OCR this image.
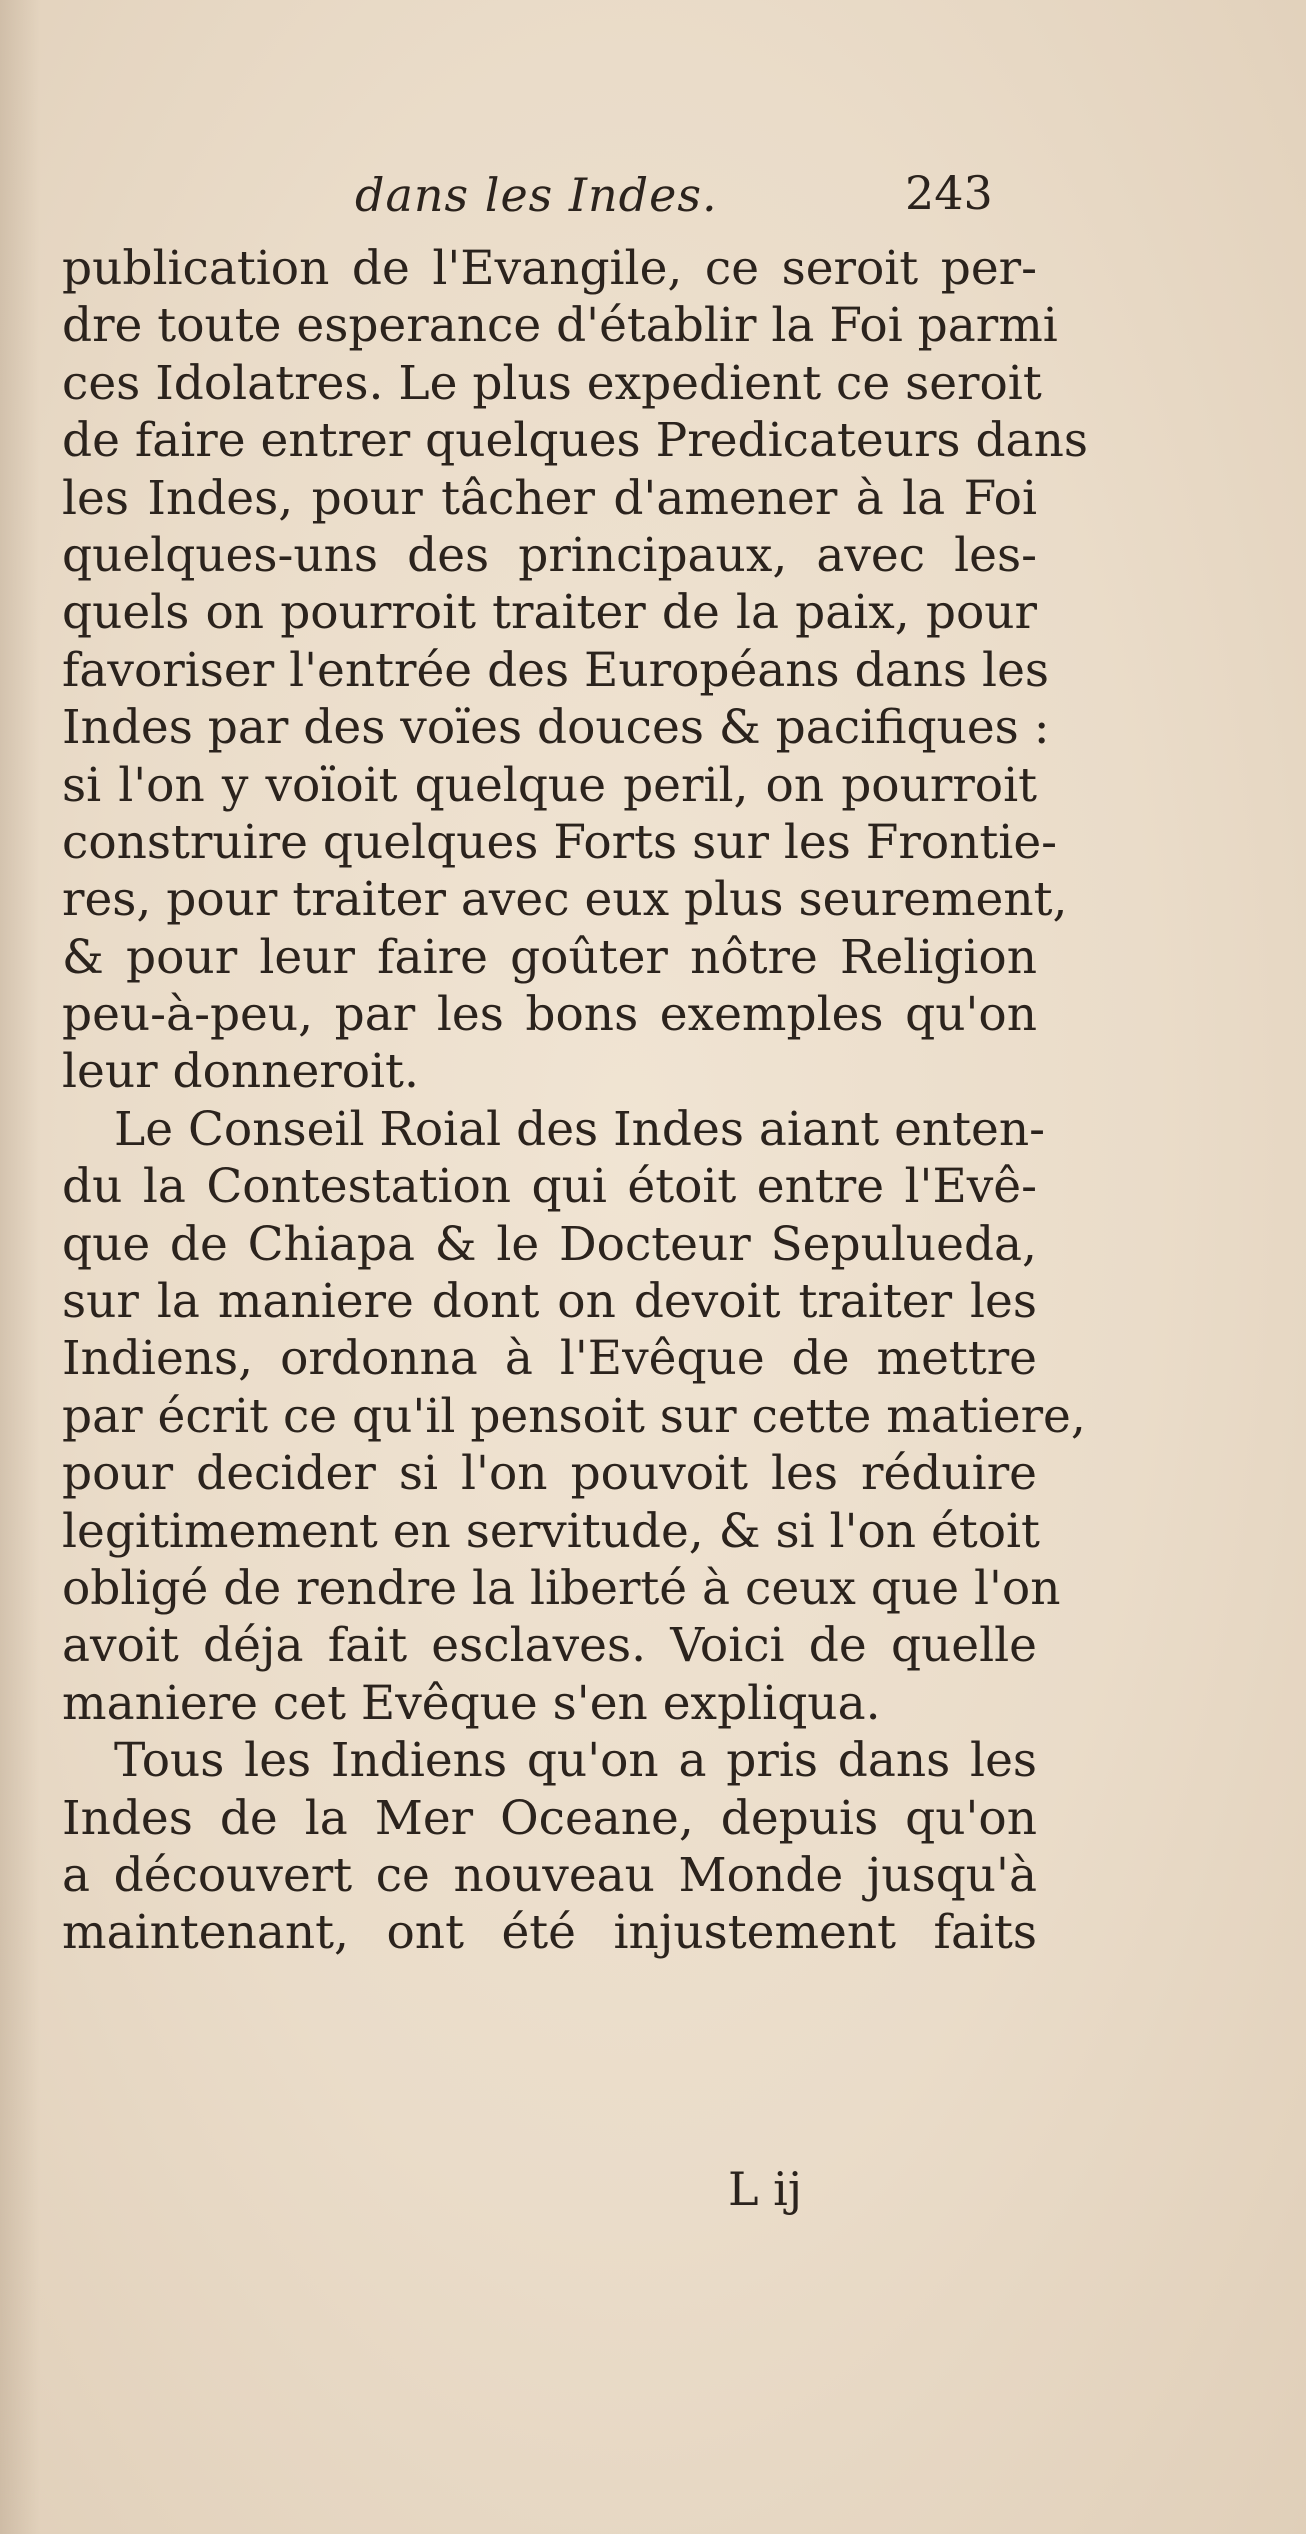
dans les Indes.	243
publication de l'Evangile, ce seroit per-
dre toute esperance d'établir la Foi parmi
ces Idolatres. Le plus expedient ce seroit
de faire entrer quelques Predicateurs dans
les Indes, pour tâcher d'amener à la Foi
quelques-uns des principaux, avec les-
quels on pourroit traiter de la paix, pour
favoriser l'entrée des Européans dans les
Indes par des voïes douces & pacifiques :
si l'on y voïoit quelque peril, on pourroit
construire quelques Forts sur les Frontie-
res, pour traiter avec eux plus seurement,
& pour leur faire goûter nôtre Religion
peu-à-peu, par les bons exemples qu'on
leur donneroit.
Le Conseil Roial des Indes aiant enten-
du la Contestation qui étoit entre l'Evê-
que de Chiapa & le Docteur Sepulueda,
sur la maniere dont on devoit traiter les
Indiens, ordonna à l'Evêque de mettre
par écrit ce qu'il pensoit sur cette matiere,
pour decider si l'on pouvoit les réduire
legitimement en servitude, & si l'on étoit
obligé de rendre la liberté à ceux que l'on
avoit déja fait esclaves. Voici de quelle
maniere cet Evêque s'en expliqua.
Tous les Indiens qu'on a pris dans les
Indes de la Mer Oceane, depuis qu'on
a découvert ce nouveau Monde jusqu'à
maintenant, ont été injustement faits
L ij
